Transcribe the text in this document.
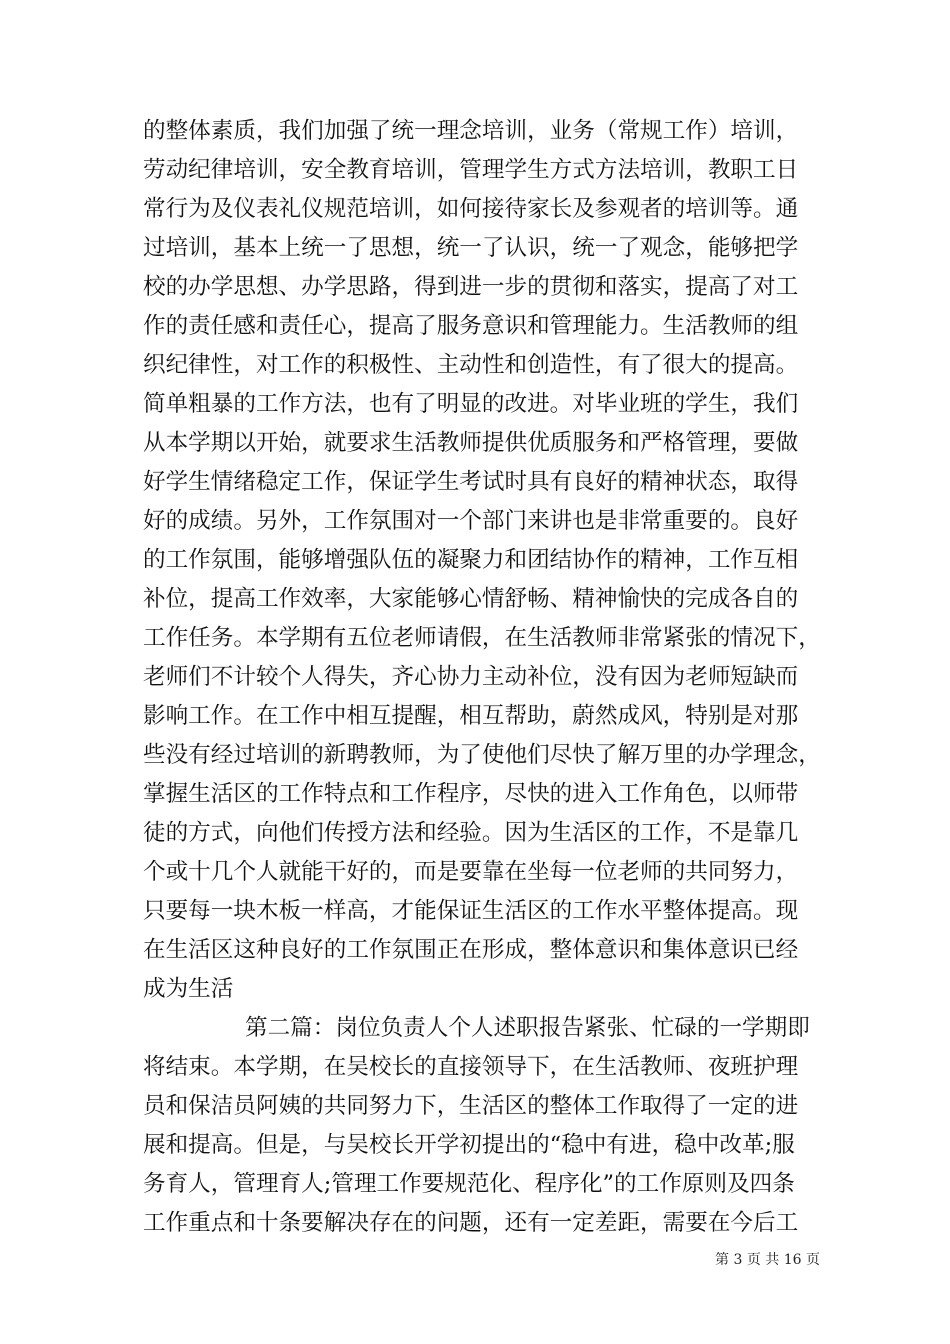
的整体素质，我们加强了统一理念培训，业务（常规工作）培训，
劳动纪律培训，安全教育培训，管理学生方式方法培训，教职工日
常行为及仪表礼仪规范培训，如何接待家长及参观者的培训等。通
过培训，基本上统一了思想，统一了认识，统一了观念，能够把学
校的办学思想、办学思路，得到进一步的贯彻和落实，提高了对工
作的责任感和责任心，提高了服务意识和管理能力。生活教师的组
织纪律性，对工作的积极性、主动性和创造性，有了很大的提高。
简单粗暴的工作方法，也有了明显的改进。对毕业班的学生，我们
从本学期以开始，就要求生活教师提供优质服务和严格管理，要做
好学生情绪稳定工作，保证学生考试时具有良好的精神状态，取得
好的成绩。另外，工作氛围对一个部门来讲也是非常重要的。良好
的工作氛围，能够增强队伍的凝聚力和团结协作的精神，工作互相
补位，提高工作效率，大家能够心情舒畅、精神愉快的完成各自的
工作任务。本学期有五位老师请假，在生活教师非常紧张的情况下，
老师们不计较个人得失，齐心协力主动补位，没有因为老师短缺而
影响工作。在工作中相互提醒，相互帮助，蔚然成风，特别是对那
些没有经过培训的新聘教师，为了使他们尽快了解万里的办学理念，
掌握生活区的工作特点和工作程序，尽快的进入工作角色，以师带
徒的方式，向他们传授方法和经验。因为生活区的工作，不是靠几
个或十几个人就能干好的，而是要靠在坐每一位老师的共同努力，
只要每一块木板一样高，才能保证生活区的工作水平整体提高。现
在生活区这种良好的工作氛围正在形成，整体意识和集体意识已经
成为生活
第二篇：岗位负责人个人述职报告紧张、忙碌的一学期即
将结束。本学期，在吴校长的直接领导下，在生活教师、夜班护理
员和保洁员阿姨的共同努力下，生活区的整体工作取得了一定的进
展和提高。但是，与吴校长开学初提出的“稳中有进，稳中改革;服
务育人，管理育人;管理工作要规范化、程序化”的工作原则及四条
工作重点和十条要解决存在的问题，还有一定差距，需要在今后工
第 3 页 共 16 页
